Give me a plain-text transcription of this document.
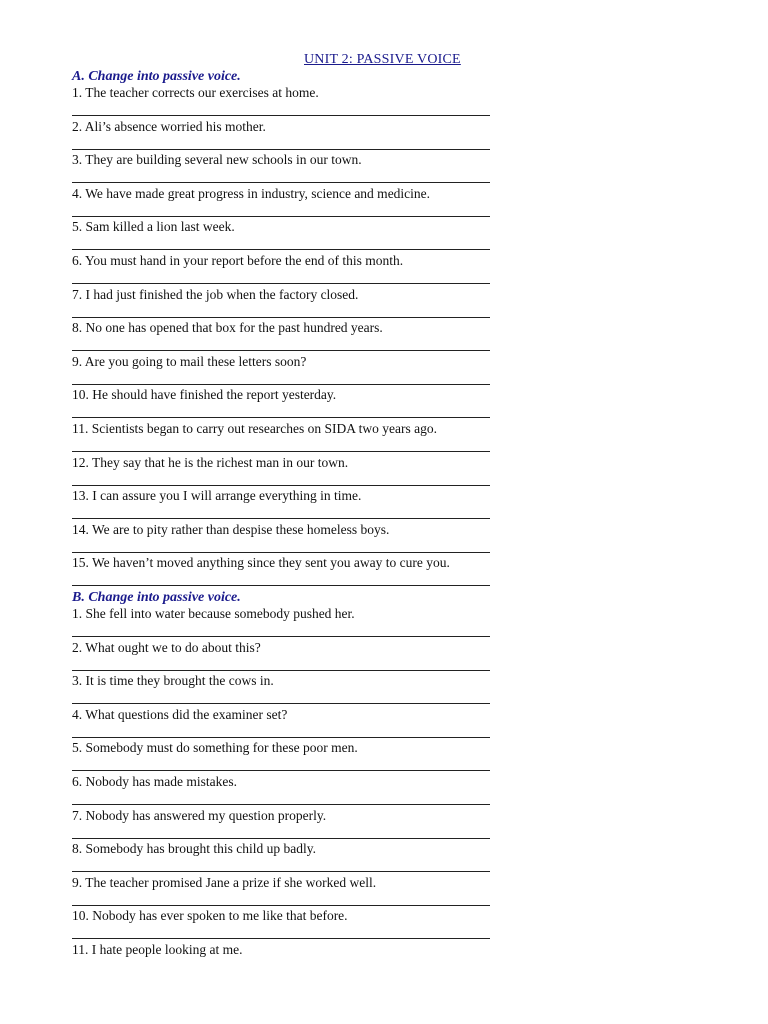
UNIT 2: PASSIVE VOICE
A. Change into passive voice.
1. The teacher corrects our exercises at home.
2. Ali’s absence worried his mother.
3. They are building several new schools in our town.
4. We have made great progress in industry, science and medicine.
5. Sam killed a lion last week.
6. You must hand in your report before the end of this month.
7. I had just finished the job when the factory closed.
8. No one has opened that box for the past hundred years.
9. Are you going to mail these letters soon?
10. He should have finished the report yesterday.
11. Scientists began to carry out researches on SIDA two years ago.
12. They say that he is the richest man in our town.
13. I can assure you I will arrange everything in time.
14. We are to pity rather than despise these homeless boys.
15. We haven’t moved anything since they sent you away to cure you.
B. Change into passive voice.
1. She fell into water because somebody pushed her.
2. What ought we to do about this?
3. It is time they brought the cows in.
4. What questions did the examiner set?
5. Somebody must do something for these poor men.
6. Nobody has made mistakes.
7. Nobody has answered my question properly.
8. Somebody has brought this child up badly.
9. The teacher promised Jane a prize if she worked well.
10. Nobody has ever spoken to me like that before.
11. I hate people looking at me.
